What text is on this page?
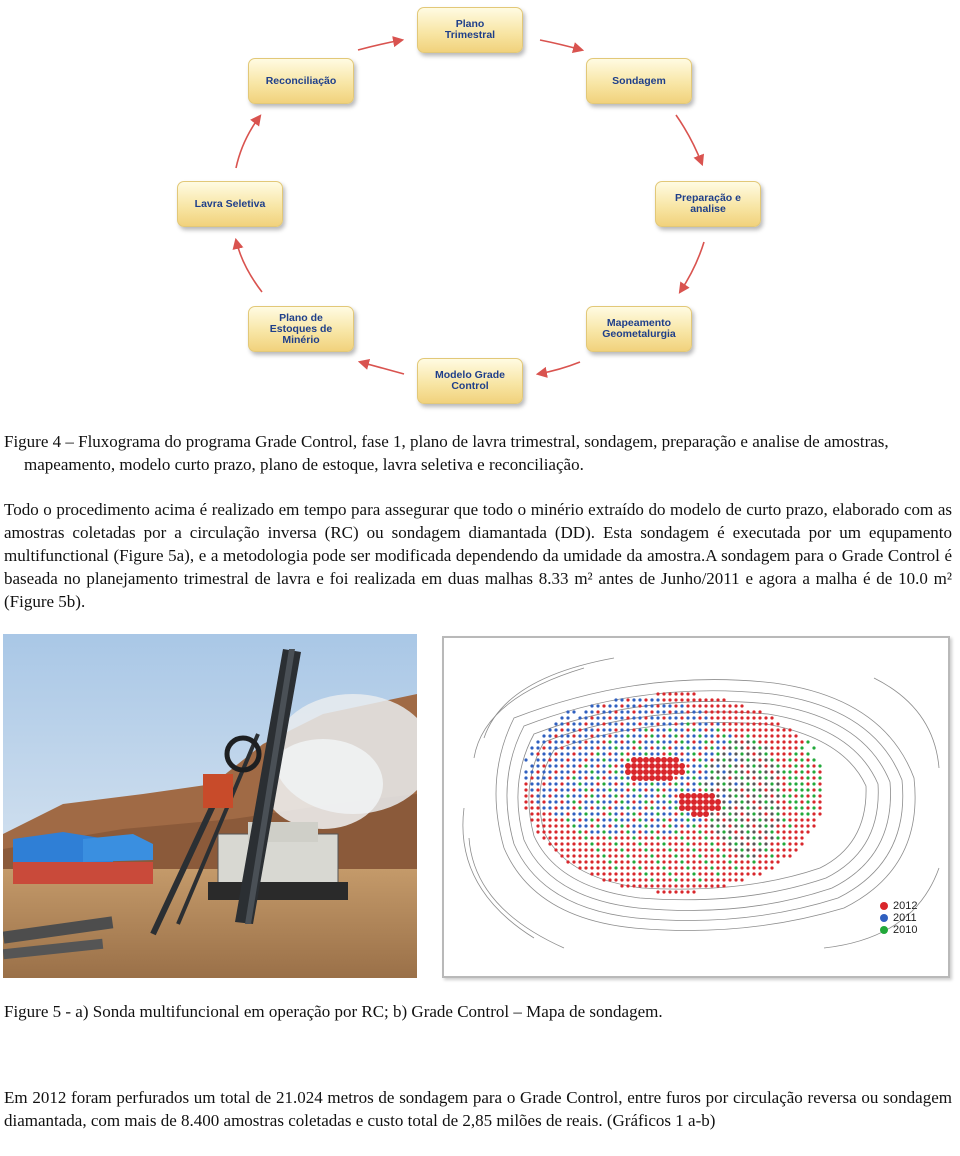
Plano
Trimestral
Sondagem
Preparação e
analise
Mapeamento
Geometalurgia
Modelo Grade
Control
Plano de
Estoques de
Minério
Lavra Seletiva
Reconciliação
Figure 4 – Fluxograma do programa Grade Control, fase 1, plano de lavra trimestral, sondagem, preparação e analise de amostras, mapeamento, modelo curto prazo, plano de estoque, lavra seletiva e reconciliação.
Todo o procedimento acima é realizado em tempo para assegurar que todo o minério extraído do modelo de curto prazo, elaborado com as amostras coletadas por a circulação inversa (RC) ou sondagem diamantada (DD). Esta sondagem é executada por um equpamento multifunctional (Figure 5a), e a metodologia pode ser modificada dependendo da umidade da amostra.A sondagem para o Grade Control é baseada no planejamento trimestral de lavra e foi realizada em duas malhas 8.33 m² antes de Junho/2011 e agora a malha é de 10.0 m² (Figure 5b).
2012
2011
2010
Figure 5 - a) Sonda multifuncional em operação por RC; b) Grade Control – Mapa de sondagem.
Em 2012 foram perfurados um total de 21.024 metros de sondagem para o Grade Control, entre furos por circulação reversa ou sondagem diamantada, com mais de 8.400 amostras coletadas e custo total de 2,85 milões de reais. (Gráficos 1 a-b)
